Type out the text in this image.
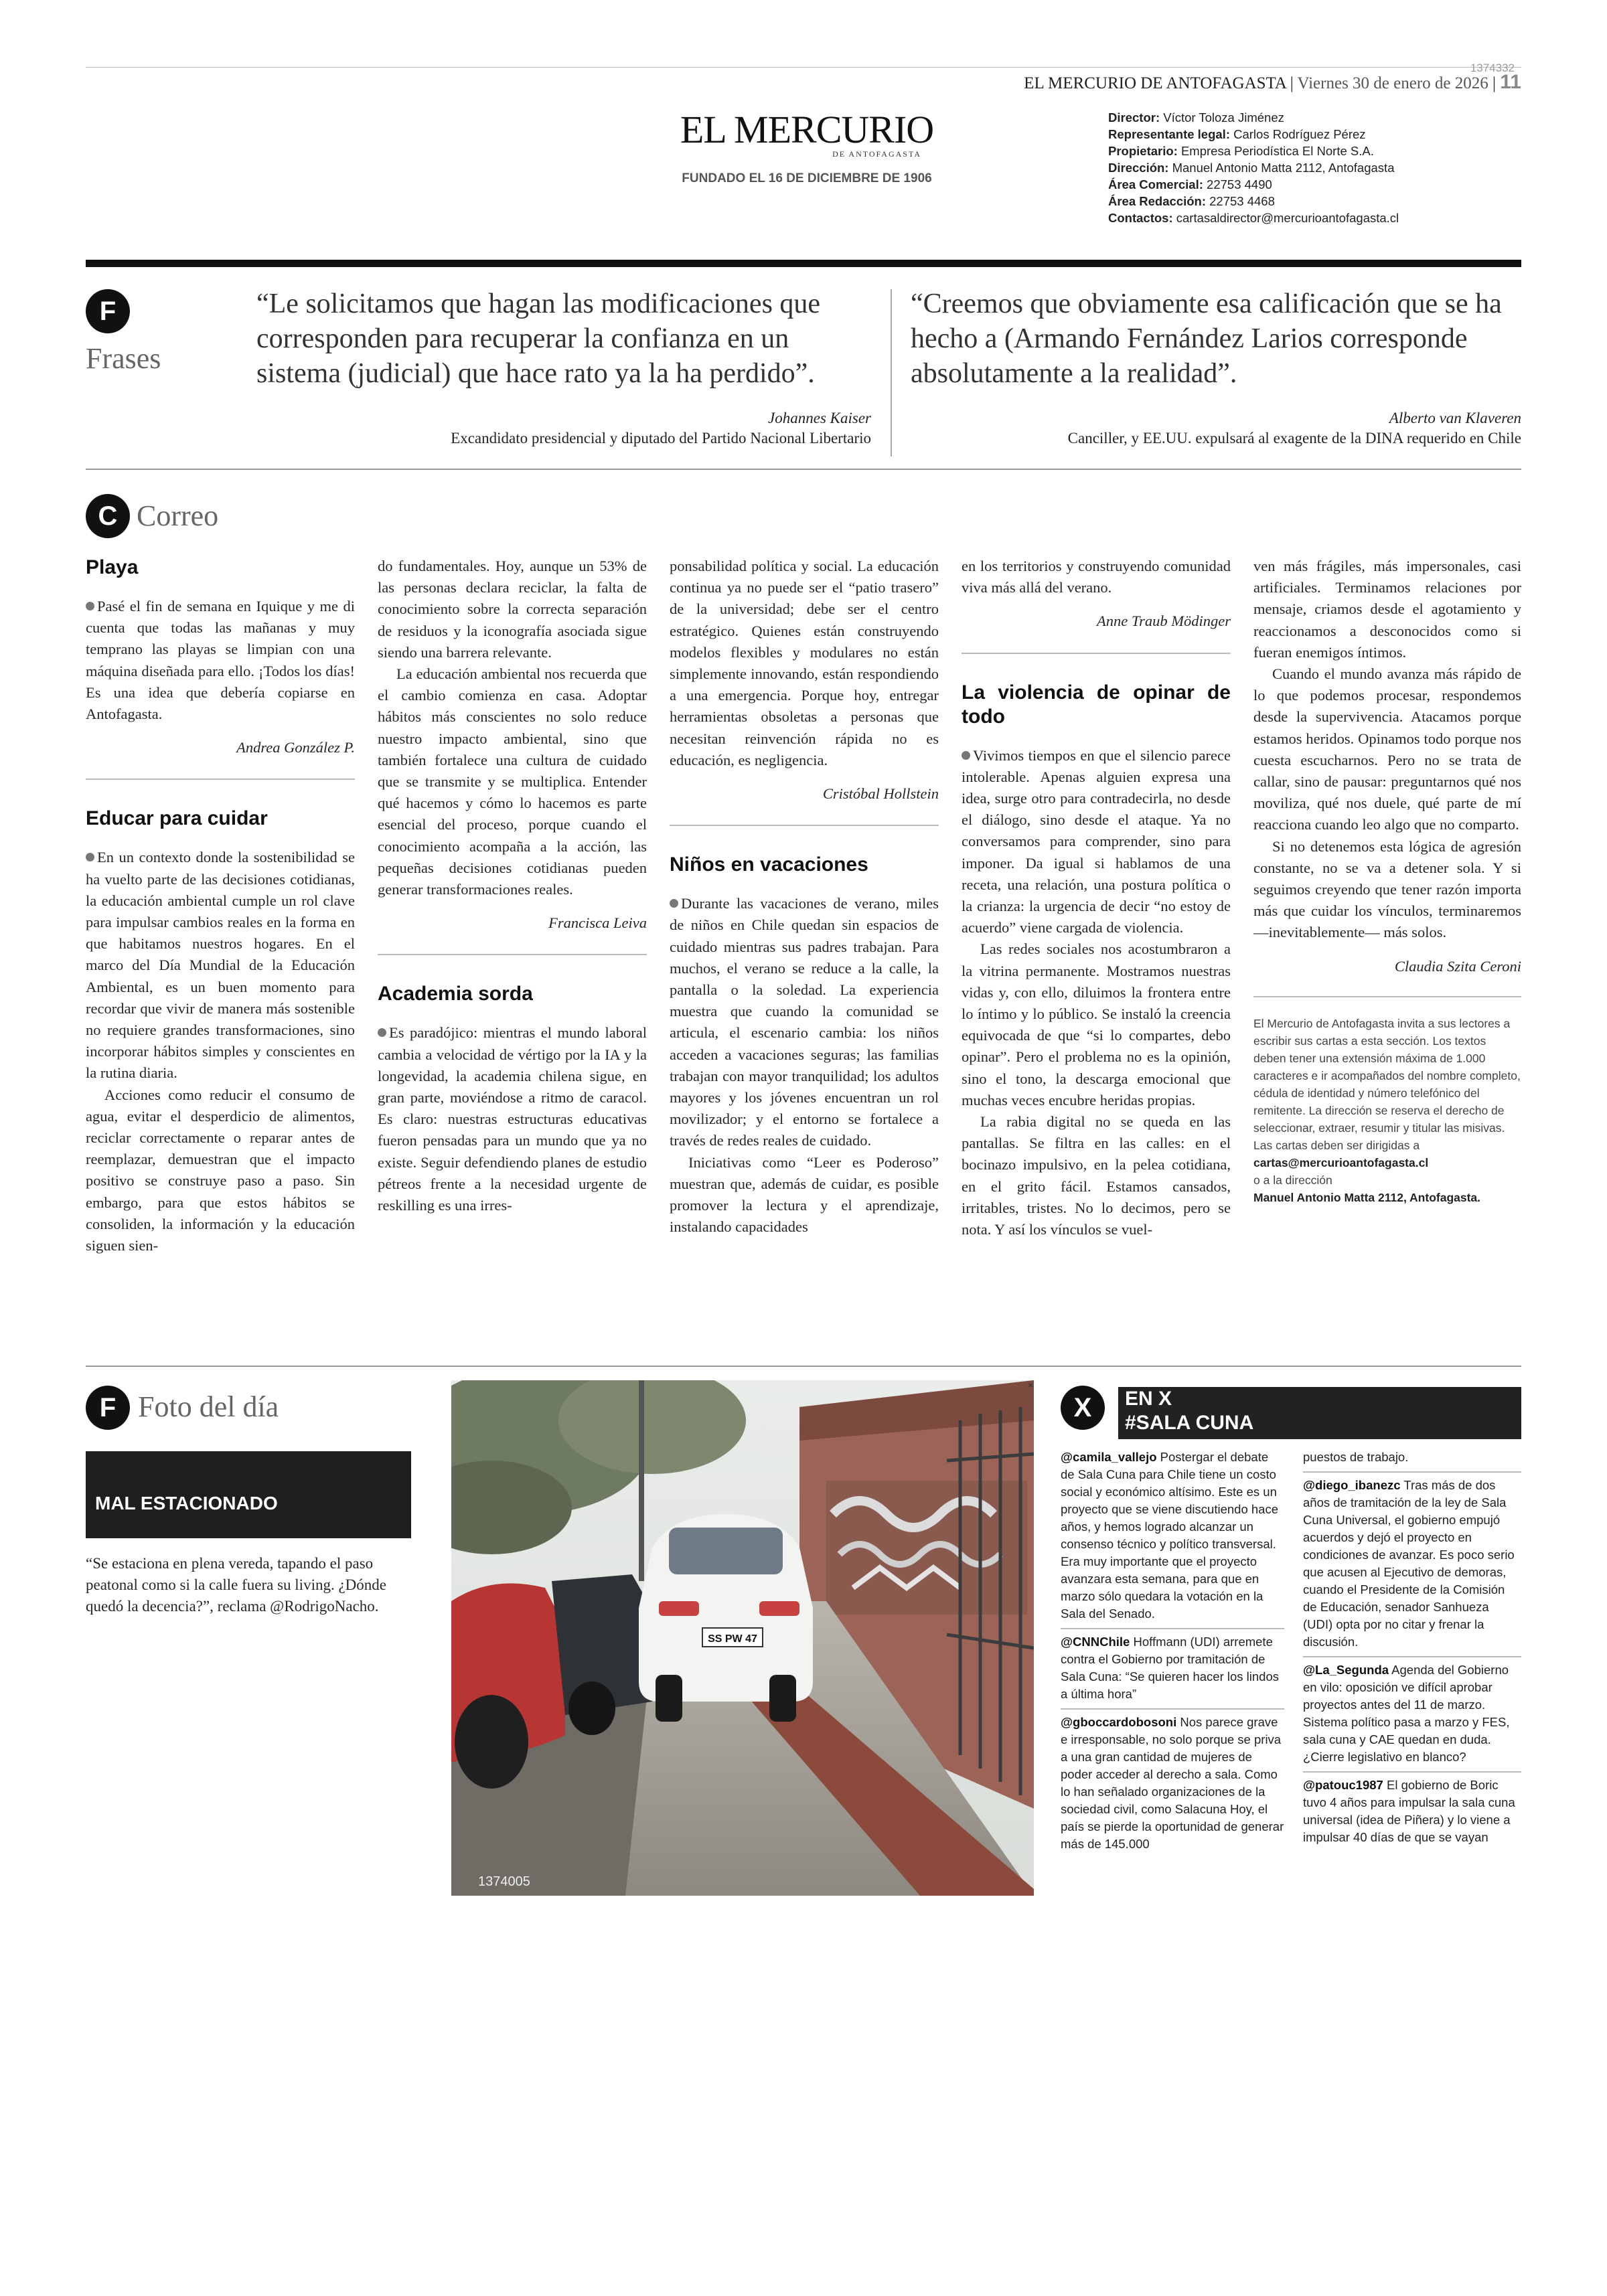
EL MERCURIO DE ANTOFAGASTA | Viernes 30 de enero de 2026 | 11
1374332
EL MERCURIO
DE ANTOFAGASTA
FUNDADO EL 16 DE DICIEMBRE DE 1906
Director: Víctor Toloza Jiménez
Representante legal: Carlos Rodríguez Pérez
Propietario: Empresa Periodística El Norte S.A.
Dirección: Manuel Antonio Matta 2112, Antofagasta
Área Comercial: 22753 4490
Área Redacción: 22753 4468
Contactos: cartasaldirector@mercurioantofagasta.cl
F
Frases
“Le solicitamos que hagan las modificaciones que corresponden para recuperar la confianza en un sistema (judicial) que hace rato ya la ha perdido”.
Johannes Kaiser
Excandidato presidencial y diputado del Partido Nacional Libertario
“Creemos que obviamente esa calificación que se ha hecho a (Armando Fernández Larios corresponde absolutamente a la realidad”.
Alberto van Klaveren
Canciller, y EE.UU. expulsará al exagente de la DINA requerido en Chile
C Correo
Playa

Pasé el fin de semana en Iquique y me di cuenta que todas las mañanas y muy temprano las playas se limpian con una máquina diseñada para ello. ¡Todos los días! Es una idea que debería copiarse en Antofagasta.

Andrea González P.

Educar para cuidar

En un contexto donde la sostenibilidad se ha vuelto parte de las decisiones cotidianas, la educación ambiental cumple un rol clave para impulsar cambios reales en la forma en que habitamos nuestros hogares. En el marco del Día Mundial de la Educación Ambiental, es un buen momento para recordar que vivir de manera más sostenible no requiere grandes transformaciones, sino incorporar hábitos simples y conscientes en la rutina diaria.

Acciones como reducir el consumo de agua, evitar el desperdicio de alimentos, reciclar correctamente o reparar antes de reemplazar, demuestran que el impacto positivo se construye paso a paso. Sin embargo, para que estos hábitos se consoliden, la información y la educación siguen sien-

do fundamentales. Hoy, aunque un 53% de las personas declara reciclar, la falta de conocimiento sobre la correcta separación de residuos y la iconografía asociada sigue siendo una barrera relevante.

La educación ambiental nos recuerda que el cambio comienza en casa. Adoptar hábitos más conscientes no solo reduce nuestro impacto ambiental, sino que también fortalece una cultura de cuidado que se transmite y se multiplica. Entender qué hacemos y cómo lo hacemos es parte esencial del proceso, porque cuando el conocimiento acompaña a la acción, las pequeñas decisiones cotidianas pueden generar transformaciones reales.

Francisca Leiva

Academia sorda

Es paradójico: mientras el mundo laboral cambia a velocidad de vértigo por la IA y la longevidad, la academia chilena sigue, en gran parte, moviéndose a ritmo de caracol. Es claro: nuestras estructuras educativas fueron pensadas para un mundo que ya no existe. Seguir defendiendo planes de estudio pétreos frente a la necesidad urgente de reskilling es una irres-

ponsabilidad política y social. La educación continua ya no puede ser el “patio trasero” de la universidad; debe ser el centro estratégico. Quienes están construyendo modelos flexibles y modulares no están simplemente innovando, están respondiendo a una emergencia. Porque hoy, entregar herramientas obsoletas a personas que necesitan reinvención rápida no es educación, es negligencia.

Cristóbal Hollstein

Niños en vacaciones

Durante las vacaciones de verano, miles de niños en Chile quedan sin espacios de cuidado mientras sus padres trabajan. Para muchos, el verano se reduce a la calle, la pantalla o la soledad. La experiencia muestra que cuando la comunidad se articula, el escenario cambia: los niños acceden a vacaciones seguras; las familias trabajan con mayor tranquilidad; los adultos mayores y los jóvenes encuentran un rol movilizador; y el entorno se fortalece a través de redes reales de cuidado.

Iniciativas como “Leer es Poderoso” muestran que, además de cuidar, es posible promover la lectura y el aprendizaje, instalando capacidades

en los territorios y construyendo comunidad viva más allá del verano.

Anne Traub Mödinger

La violencia de opinar de todo

Vivimos tiempos en que el silencio parece intolerable. Apenas alguien expresa una idea, surge otro para contradecirla, no desde el diálogo, sino desde el ataque. Ya no conversamos para comprender, sino para imponer. Da igual si hablamos de una receta, una relación, una postura política o la crianza: la urgencia de decir “no estoy de acuerdo” viene cargada de violencia.

Las redes sociales nos acostumbraron a la vitrina permanente. Mostramos nuestras vidas y, con ello, diluimos la frontera entre lo íntimo y lo público. Se instaló la creencia equivocada de que “si lo compartes, debo opinar”. Pero el problema no es la opinión, sino el tono, la descarga emocional que muchas veces encubre heridas propias.

La rabia digital no se queda en las pantallas. Se filtra en las calles: en el bocinazo impulsivo, en la pelea cotidiana, en el grito fácil. Estamos cansados, irritables, tristes. No lo decimos, pero se nota. Y así los vínculos se vuel-

ven más frágiles, más impersonales, casi artificiales. Terminamos relaciones por mensaje, criamos desde el agotamiento y reaccionamos a desconocidos como si fueran enemigos íntimos.

Cuando el mundo avanza más rápido de lo que podemos procesar, respondemos desde la supervivencia. Atacamos porque estamos heridos. Opinamos todo porque nos cuesta escucharnos. Pero no se trata de callar, sino de pausar: preguntarnos qué nos moviliza, qué nos duele, qué parte de mí reacciona cuando leo algo que no comparto.

Si no detenemos esta lógica de agresión constante, no se va a detener sola. Y si seguimos creyendo que tener razón importa más que cuidar los vínculos, terminaremos —inevitablemente— más solos.

Claudia Szita Ceroni

El Mercurio de Antofagasta invita a sus lectores a escribir sus cartas a esta sección. Los textos deben tener una extensión máxima de 1.000 caracteres e ir acompañados del nombre completo, cédula de identidad y número telefónico del remitente. La dirección se reserva el derecho de seleccionar, extraer, resumir y titular las misivas. Las cartas deben ser dirigidas a
cartas@mercurioantofagasta.cl
o a la dirección
Manuel Antonio Matta 2112, Antofagasta.
F Foto del día
MAL ESTACIONADO
“Se estaciona en plena vereda, tapando el paso peatonal como si la calle fuera su living. ¿Dónde quedó la decencia?”, reclama @RodrigoNacho.
SS PW 47
×
1374005
X	EN X
#SALA CUNA
@camila_vallejo Postergar el debate de Sala Cuna para Chile tiene un costo social y económico altísimo. Este es un proyecto que se viene discutiendo hace años, y hemos logrado alcanzar un consenso técnico y político transversal. Era muy importante que el proyecto avanzara esta semana, para que en marzo sólo quedara la votación en la Sala del Senado.
@CNNChile Hoffmann (UDI) arremete contra el Gobierno por tramitación de Sala Cuna: “Se quieren hacer los lindos a última hora”
@gboccardobosoni Nos parece grave e irresponsable, no solo porque se priva a una gran cantidad de mujeres de poder acceder al derecho a sala. Como lo han señalado organizaciones de la sociedad civil, como Salacuna Hoy, el país se pierde la oportunidad de generar más de 145.000
puestos de trabajo.
@diego_ibanezc Tras más de dos años de tramitación de la ley de Sala Cuna Universal, el gobierno empujó acuerdos y dejó el proyecto en condiciones de avanzar. Es poco serio que acusen al Ejecutivo de demoras, cuando el Presidente de la Comisión de Educación, senador Sanhueza (UDI) opta por no citar y frenar la discusión.
@La_Segunda Agenda del Gobierno en vilo: oposición ve difícil aprobar proyectos antes del 11 de marzo. Sistema político pasa a marzo y FES, sala cuna y CAE quedan en duda. ¿Cierre legislativo en blanco?
@patouc1987 El gobierno de Boric tuvo 4 años para impulsar la sala cuna universal (idea de Piñera) y lo viene a impulsar 40 días de que se vayan
